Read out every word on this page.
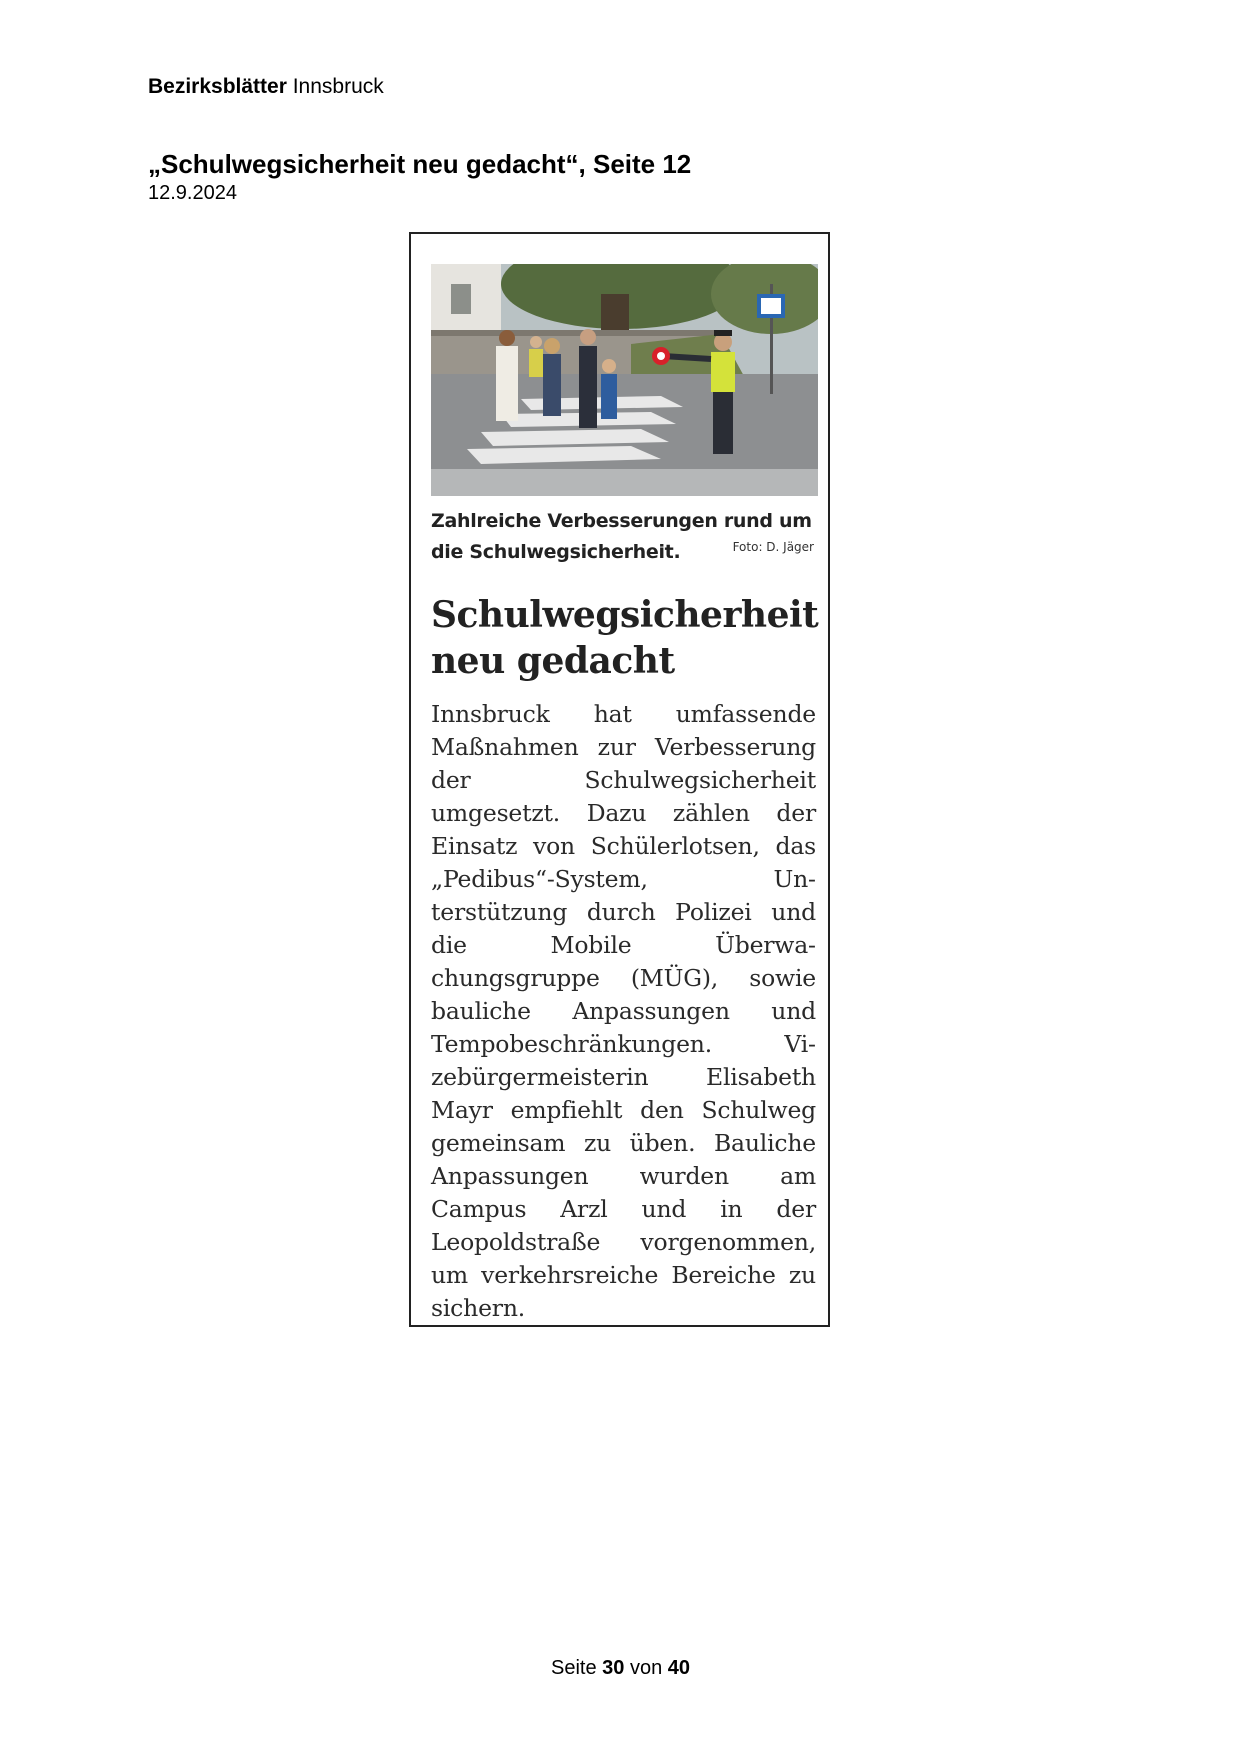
Bezirksblätter Innsbruck
„Schulwegsicherheit neu gedacht“, Seite 12
12.9.2024
Zahlreiche Verbesserungen rund um die Schulwegsicherheit.	Foto: D. Jäger
Schulwegsicherheit neu gedacht
Innsbruck hat umfassende Maßnahmen zur Verbesserung der Schulwegsicherheit umgesetzt. Dazu zählen der Einsatz von Schülerlotsen, das „Pedibus“-System, Unterstützung durch Polizei und die Mobile Überwachungsgruppe (MÜG), sowie bauliche Anpassungen und Tempobeschränkungen. Vizebürgermeisterin Elisabeth Mayr empfiehlt den Schulweg gemeinsam zu üben. Bauliche Anpassungen wurden am Campus Arzl und in der Leopoldstraße vorgenommen, um verkehrsreiche Bereiche zu sichern.
Seite 30 von 40
